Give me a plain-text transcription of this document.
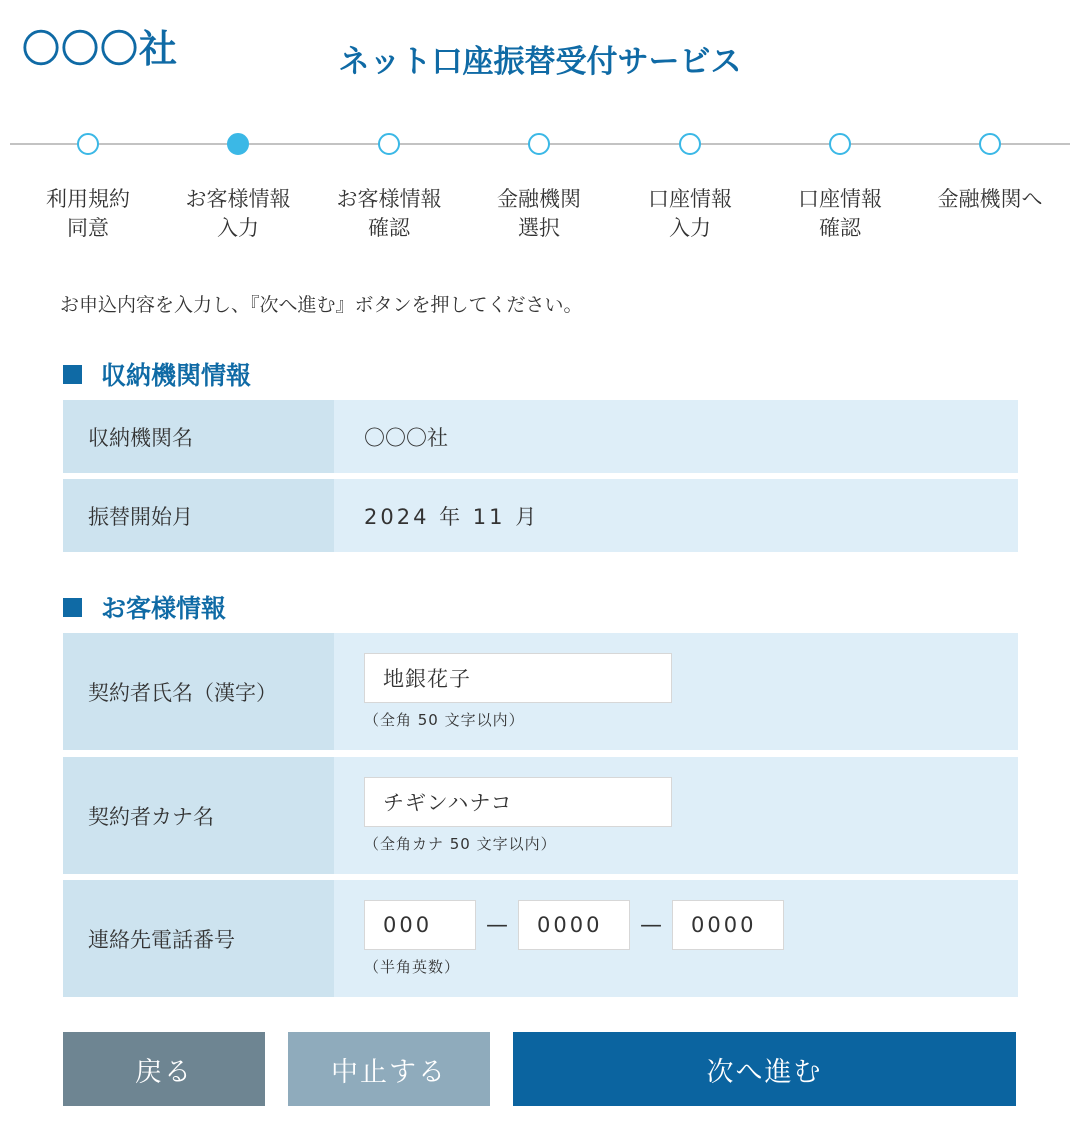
〇〇〇社	ネット口座振替受付サービス
利用規約
同意
お客様情報
入力
お客様情報
確認
金融機関
選択
口座情報
入力
口座情報
確認
金融機関へ
お申込内容を入力し、『次へ進む』ボタンを押してください。
収納機関情報
収納機関名	〇〇〇社
振替開始月	2024 年 11 月
お客様情報
契約者氏名（漢字）
地銀花子
（全角 50 文字以内）
契約者カナ名
チギンハナコ
（全角カナ 50 文字以内）
連絡先電話番号
000	—	0000	—	0000
（半角英数）
戻る	中止する	次へ進む
